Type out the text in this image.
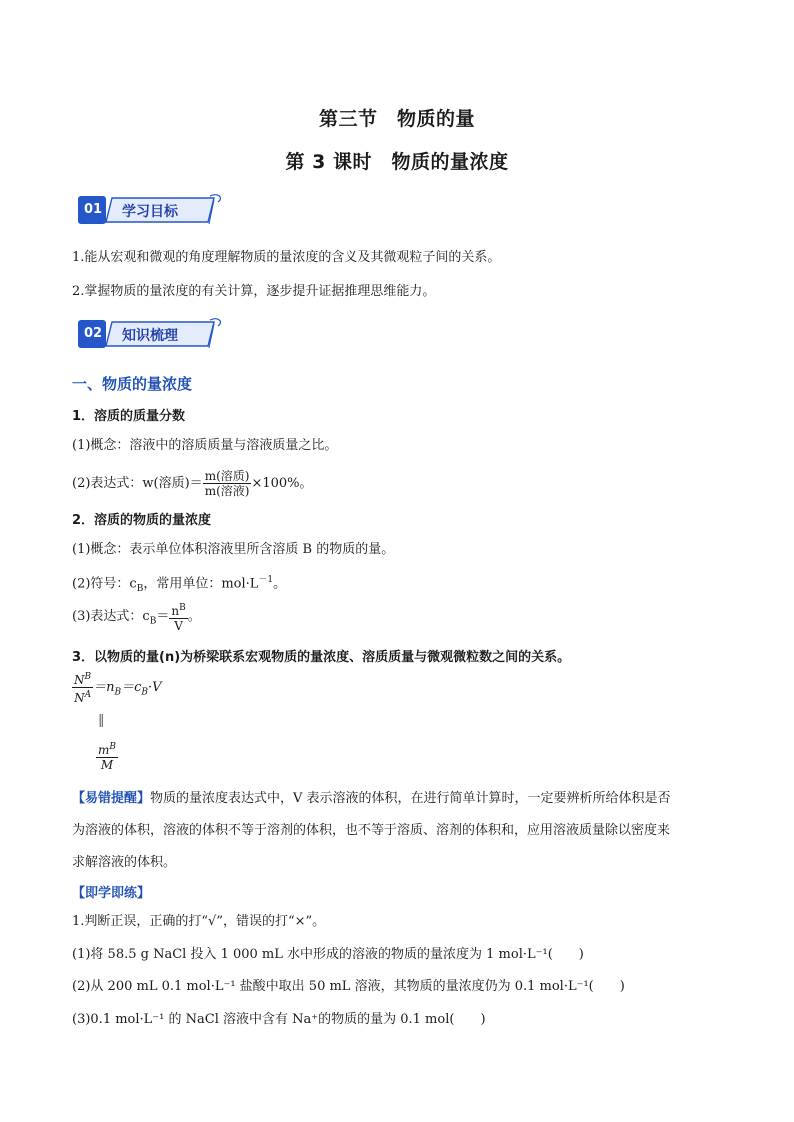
第三节　物质的量
第 3 课时　物质的量浓度
01 学习目标
1.能从宏观和微观的角度理解物质的量浓度的含义及其微观粒子间的关系。
2.掌握物质的量浓度的有关计算，逐步提升证据推理思维能力。
02 知识梳理
一、物质的量浓度
1．溶质的质量分数
(1)概念：溶液中的溶质质量与溶液质量之比。
(2)表达式：w(溶质)＝ $\frac{\text{m(溶质)}}{\text{m(溶液)}} \times 100\%$。
2．溶质的物质的量浓度
(1)概念：表示单位体积溶液里所含溶质 B 的物质的量。
(2)符号：$c_B$，常用单位：$mol\cdot L^{-1}$。
(3)表达式：$c_B= \frac{n^B}{V}$ 。
3．以物质的量(n)为桥梁联系宏观物质的量浓度、溶质质量与微观微粒数之间的关系。
$\frac{N^B}{N^A} =n_B=c_B\cdot V$
‖
$\frac{m^B}{M}$
【易错提醒】物质的量浓度表达式中，V 表示溶液的体积，在进行简单计算时，一定要辨析所给体积是否
为溶液的体积，溶液的体积不等于溶剂的体积，也不等于溶质、溶剂的体积和，应用溶液质量除以密度来
求解溶液的体积。
【即学即练】
1.判断正误，正确的打“√”，错误的打“×”。
(1)将 58.5 g NaCl 投入 1 000 mL 水中形成的溶液的物质的量浓度为 1 mol·L⁻¹(　　)
(2)从 200 mL 0.1 mol·L⁻¹ 盐酸中取出 50 mL 溶液，其物质的量浓度仍为 0.1 mol·L⁻¹(　　)
(3)0.1 mol·L⁻¹ 的 NaCl 溶液中含有 Na⁺的物质的量为 0.1 mol(　　)
